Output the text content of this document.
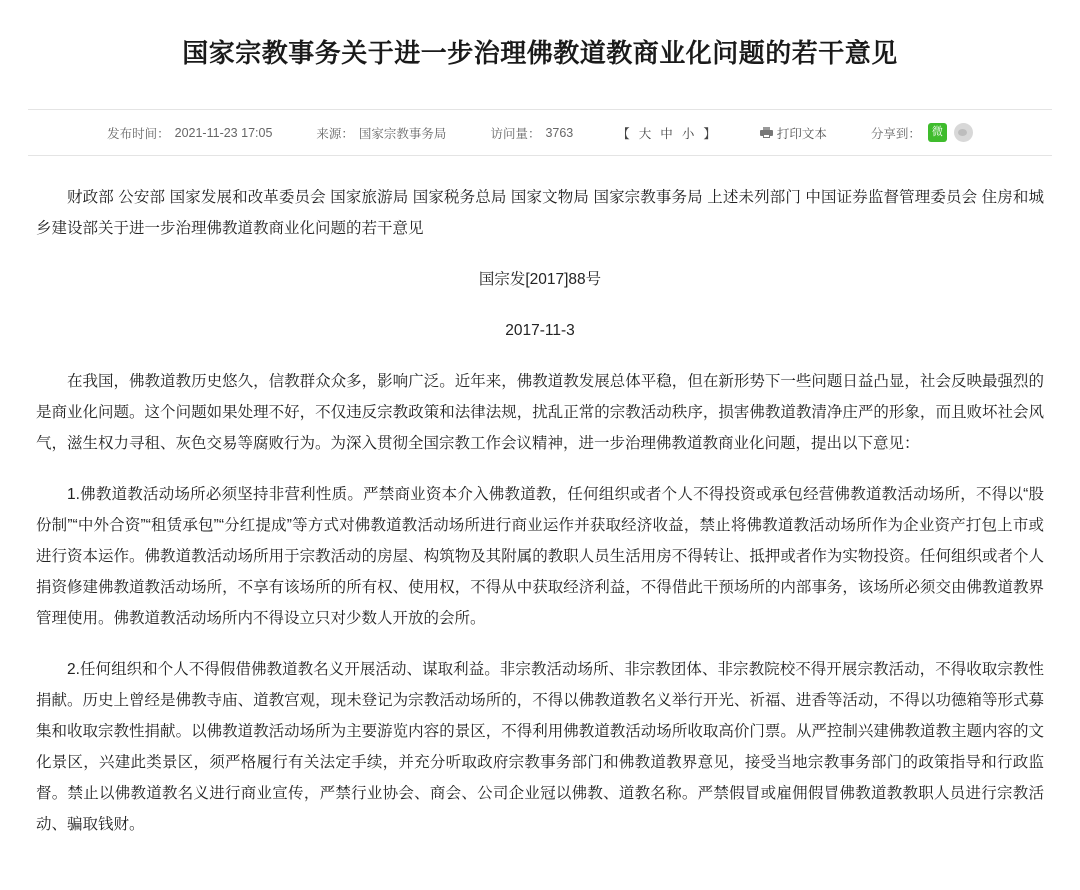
国家宗教事务关于进一步治理佛教道教商业化问题的若干意见
发布时间： 2021-11-23 17:05	来源： 国家宗教事务局	访问量： 3763	【 大 中 小 】	打印文本	分享到：	微

财政部 公安部 国家发展和改革委员会 国家旅游局 国家税务总局 国家文物局 国家宗教事务局 上述未列部门 中国证券监督管理委员会 住房和城乡建设部关于进一步治理佛教道教商业化问题的若干意见

国宗发[2017]88号

2017-11-3

在我国，佛教道教历史悠久，信教群众众多，影响广泛。近年来，佛教道教发展总体平稳，但在新形势下一些问题日益凸显，社会反映最强烈的是商业化问题。这个问题如果处理不好，不仅违反宗教政策和法律法规，扰乱正常的宗教活动秩序，损害佛教道教清净庄严的形象，而且败坏社会风气，滋生权力寻租、灰色交易等腐败行为。为深入贯彻全国宗教工作会议精神，进一步治理佛教道教商业化问题，提出以下意见：

1.佛教道教活动场所必须坚持非营利性质。严禁商业资本介入佛教道教，任何组织或者个人不得投资或承包经营佛教道教活动场所，不得以“股份制”“中外合资”“租赁承包”“分红提成”等方式对佛教道教活动场所进行商业运作并获取经济收益，禁止将佛教道教活动场所作为企业资产打包上市或进行资本运作。佛教道教活动场所用于宗教活动的房屋、构筑物及其附属的教职人员生活用房不得转让、抵押或者作为实物投资。任何组织或者个人捐资修建佛教道教活动场所，不享有该场所的所有权、使用权，不得从中获取经济利益，不得借此干预场所的内部事务，该场所必须交由佛教道教界管理使用。佛教道教活动场所内不得设立只对少数人开放的会所。

2.任何组织和个人不得假借佛教道教名义开展活动、谋取利益。非宗教活动场所、非宗教团体、非宗教院校不得开展宗教活动，不得收取宗教性捐献。历史上曾经是佛教寺庙、道教宫观，现未登记为宗教活动场所的，不得以佛教道教名义举行开光、祈福、进香等活动，不得以功德箱等形式募集和收取宗教性捐献。以佛教道教活动场所为主要游览内容的景区，不得利用佛教道教活动场所收取高价门票。从严控制兴建佛教道教主题内容的文化景区，兴建此类景区，须严格履行有关法定手续，并充分听取政府宗教事务部门和佛教道教界意见，接受当地宗教事务部门的政策指导和行政监督。禁止以佛教道教名义进行商业宣传，严禁行业协会、商会、公司企业冠以佛教、道教名称。严禁假冒或雇佣假冒佛教道教教职人员进行宗教活动、骗取钱财。
